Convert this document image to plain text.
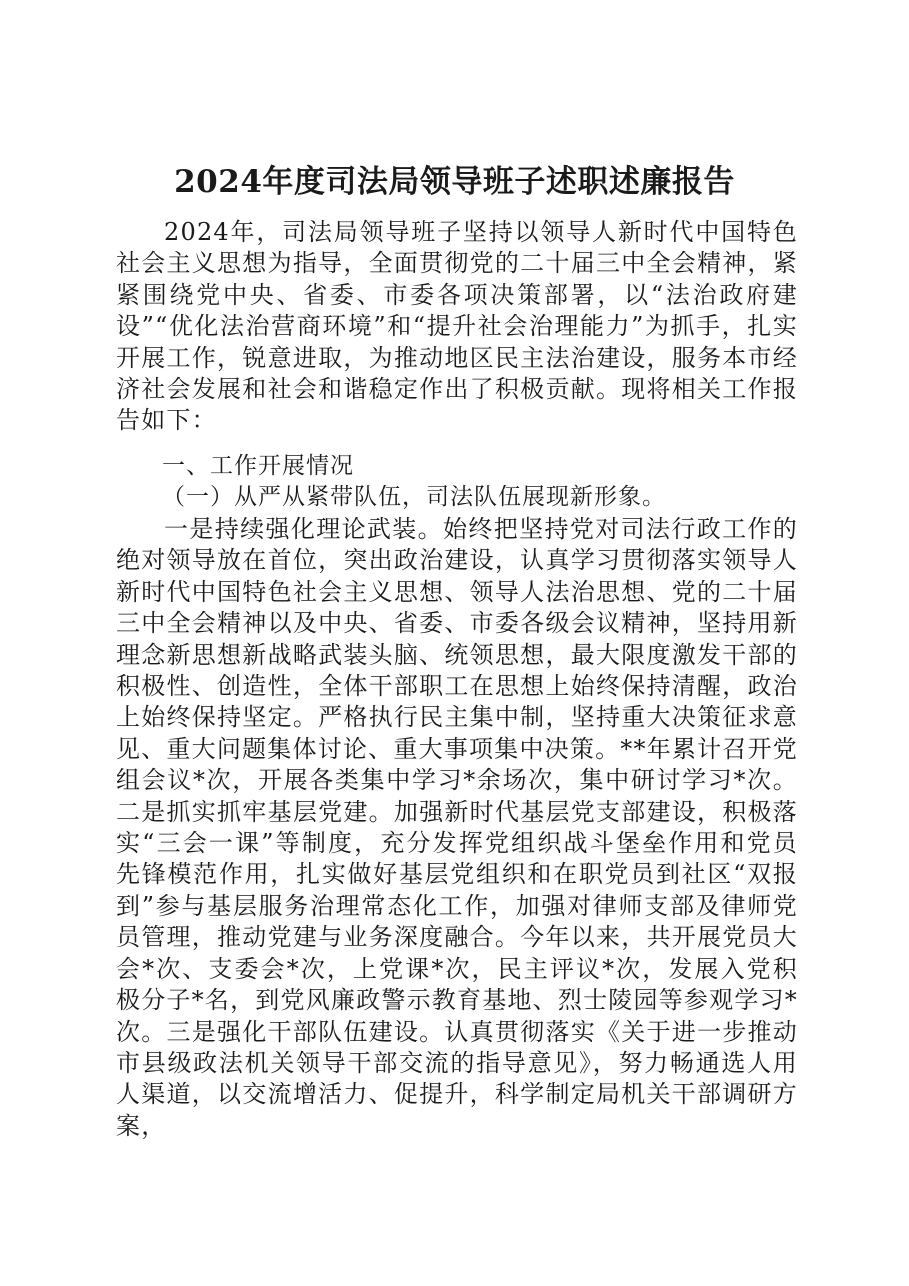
2024年度司法局领导班子述职述廉报告

2024年，司法局领导班子坚持以领导人新时代中国特色社会主义思想为指导，全面贯彻党的二十届三中全会精神，紧紧围绕党中央、省委、市委各项决策部署，以“法治政府建设”“优化法治营商环境”和“提升社会治理能力”为抓手，扎实开展工作，锐意进取，为推动地区民主法治建设，服务本市经济社会发展和社会和谐稳定作出了积极贡献。现将相关工作报告如下：

一、工作开展情况

（一）从严从紧带队伍，司法队伍展现新形象。

一是持续强化理论武装。始终把坚持党对司法行政工作的绝对领导放在首位，突出政治建设，认真学习贯彻落实领导人新时代中国特色社会主义思想、领导人法治思想、党的二十届三中全会精神以及中央、省委、市委各级会议精神，坚持用新理念新思想新战略武装头脑、统领思想，最大限度激发干部的积极性、创造性，全体干部职工在思想上始终保持清醒，政治上始终保持坚定。严格执行民主集中制，坚持重大决策征求意见、重大问题集体讨论、重大事项集中决策。**年累计召开党组会议*次，开展各类集中学习*余场次，集中研讨学习*次。二是抓实抓牢基层党建。加强新时代基层党支部建设，积极落实“三会一课”等制度，充分发挥党组织战斗堡垒作用和党员先锋模范作用，扎实做好基层党组织和在职党员到社区“双报到”参与基层服务治理常态化工作，加强对律师支部及律师党员管理，推动党建与业务深度融合。今年以来，共开展党员大会*次、支委会*次，上党课*次，民主评议*次，发展入党积极分子*名，到党风廉政警示教育基地、烈士陵园等参观学习*次。三是强化干部队伍建设。认真贯彻落实《关于进一步推动市县级政法机关领导干部交流的指导意见》，努力畅通选人用人渠道，以交流增活力、促提升，科学制定局机关干部调研方案，
